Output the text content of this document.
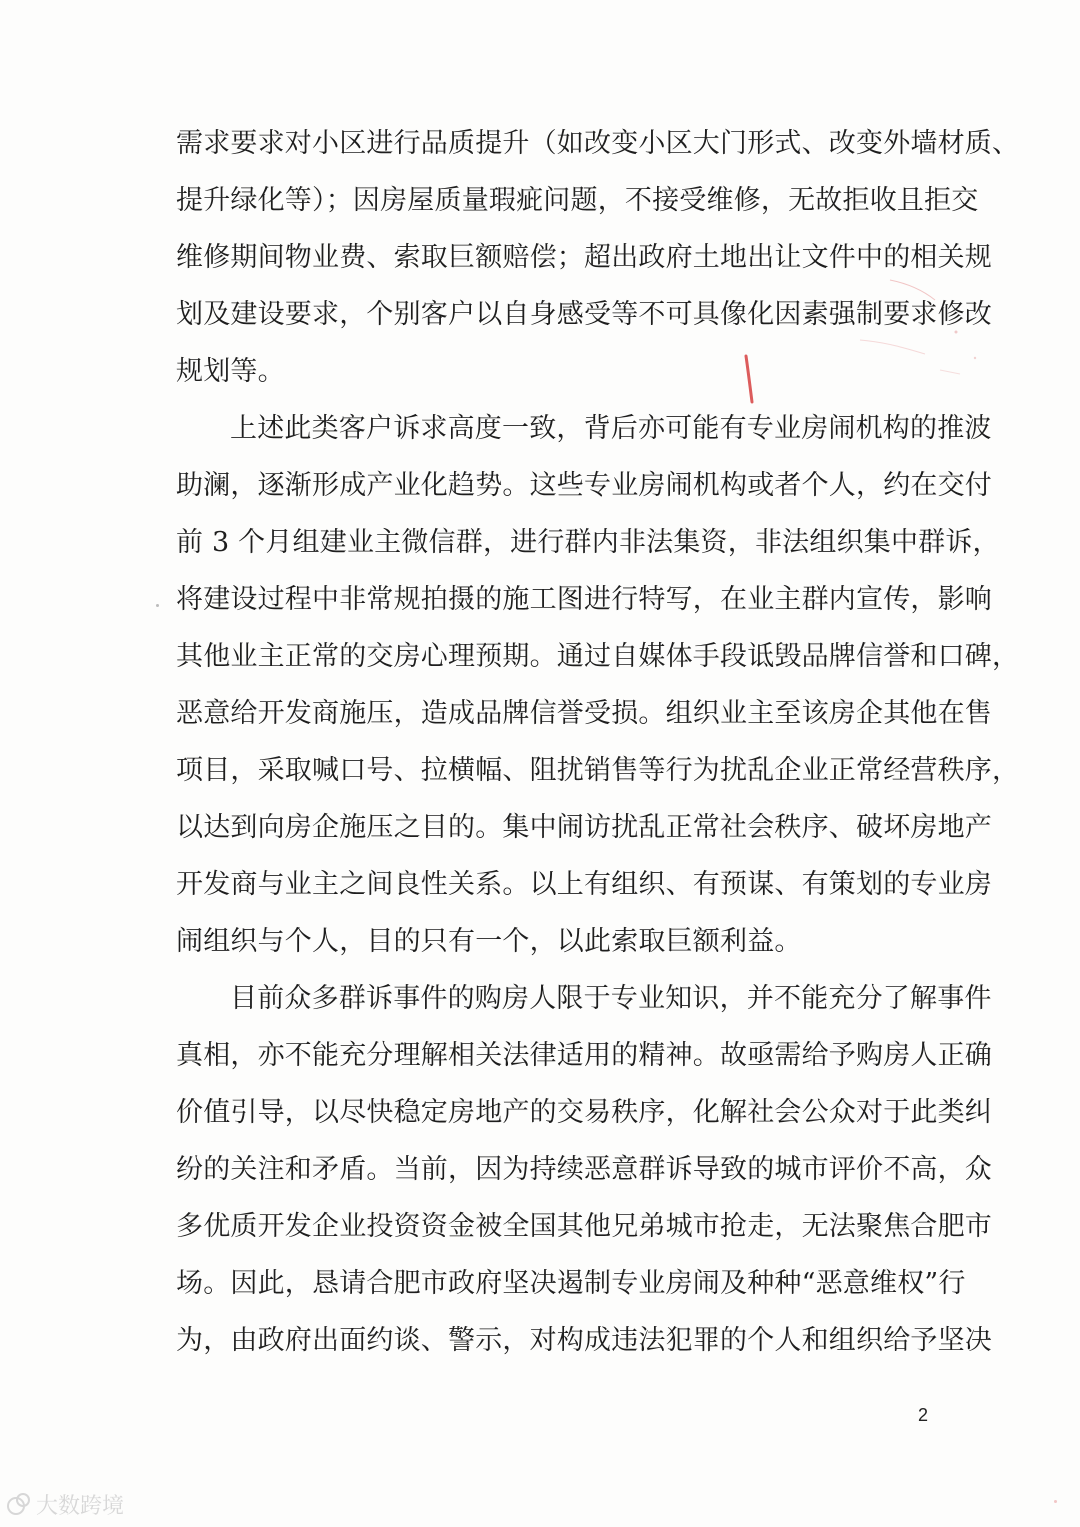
需求要求对小区进行品质提升（如改变小区大门形式、改变外墙材质、
提升绿化等）；因房屋质量瑕疵问题，不接受维修，无故拒收且拒交
维修期间物业费、索取巨额赔偿；超出政府土地出让文件中的相关规
划及建设要求，个别客户以自身感受等不可具像化因素强制要求修改
规划等。
上述此类客户诉求高度一致，背后亦可能有专业房闹机构的推波
助澜，逐渐形成产业化趋势。这些专业房闹机构或者个人，约在交付
前 3 个月组建业主微信群，进行群内非法集资，非法组织集中群诉，
将建设过程中非常规拍摄的施工图进行特写，在业主群内宣传，影响
其他业主正常的交房心理预期。通过自媒体手段诋毁品牌信誉和口碑，
恶意给开发商施压，造成品牌信誉受损。组织业主至该房企其他在售
项目，采取喊口号、拉横幅、阻扰销售等行为扰乱企业正常经营秩序，
以达到向房企施压之目的。集中闹访扰乱正常社会秩序、破坏房地产
开发商与业主之间良性关系。以上有组织、有预谋、有策划的专业房
闹组织与个人，目的只有一个，以此索取巨额利益。
目前众多群诉事件的购房人限于专业知识，并不能充分了解事件
真相，亦不能充分理解相关法律适用的精神。故亟需给予购房人正确
价值引导，以尽快稳定房地产的交易秩序，化解社会公众对于此类纠
纷的关注和矛盾。当前，因为持续恶意群诉导致的城市评价不高，众
多优质开发企业投资资金被全国其他兄弟城市抢走，无法聚焦合肥市
场。因此，恳请合肥市政府坚决遏制专业房闹及种种“恶意维权”行
为，由政府出面约谈、警示，对构成违法犯罪的个人和组织给予坚决
2
大数跨境
